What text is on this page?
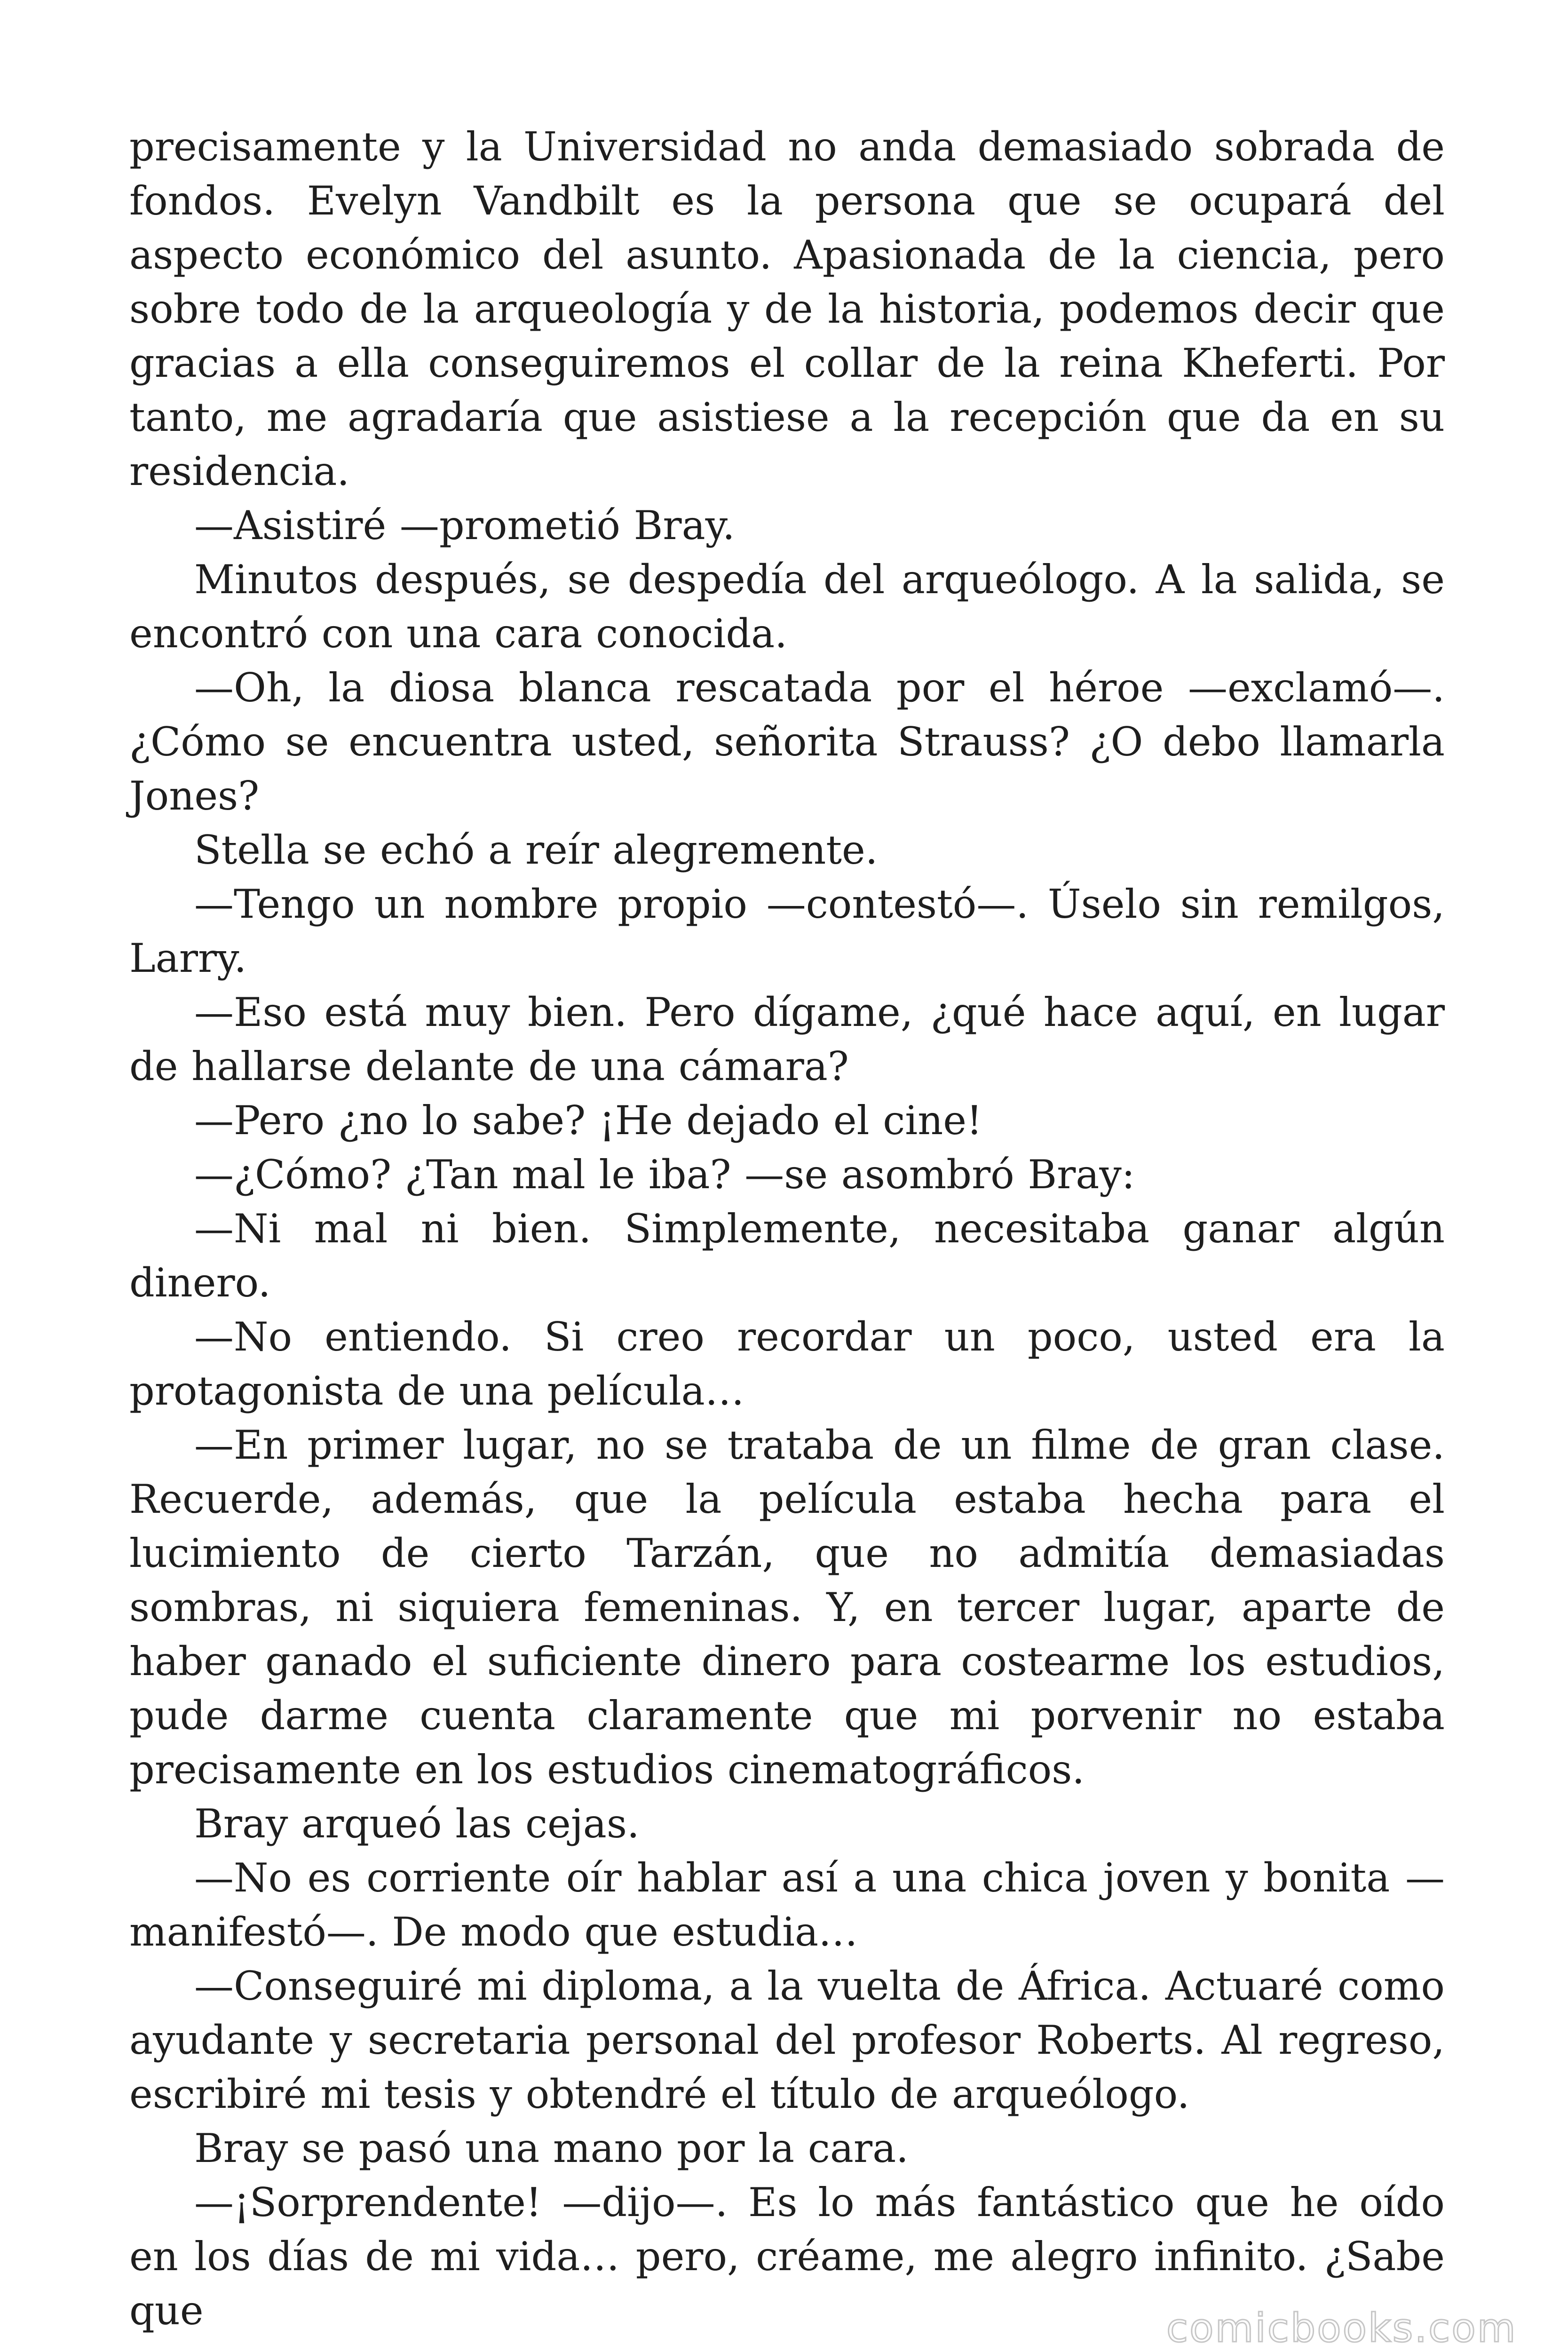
precisamente y la Universidad no anda demasiado sobrada de fondos. Evelyn Vandbilt es la persona que se ocupará del aspecto económico del asunto. Apasionada de la ciencia, pero sobre todo de la arqueología y de la historia, podemos decir que gracias a ella conseguiremos el collar de la reina Kheferti. Por tanto, me agradaría que asistiese a la recepción que da en su residencia.

—Asistiré —prometió Bray.

Minutos después, se despedía del arqueólogo. A la salida, se encontró con una cara conocida.

—Oh, la diosa blanca rescatada por el héroe —exclamó—. ¿Cómo se encuentra usted, señorita Strauss? ¿O debo llamarla Jones?

Stella se echó a reír alegremente.

—Tengo un nombre propio —contestó—. Úselo sin remilgos, Larry.

—Eso está muy bien. Pero dígame, ¿qué hace aquí, en lugar de hallarse delante de una cámara?

—Pero ¿no lo sabe? ¡He dejado el cine!

—¿Cómo? ¿Tan mal le iba? —se asombró Bray:

—Ni mal ni bien. Simplemente, necesitaba ganar algún dinero.

—No entiendo. Si creo recordar un poco, usted era la protagonista de una película…

—En primer lugar, no se trataba de un filme de gran clase. Recuerde, además, que la película estaba hecha para el lucimiento de cierto Tarzán, que no admitía demasiadas sombras, ni siquiera femeninas. Y, en tercer lugar, aparte de haber ganado el suficiente dinero para costearme los estudios, pude darme cuenta claramente que mi porvenir no estaba precisamente en los estudios cinematográficos.

Bray arqueó las cejas.

—No es corriente oír hablar así a una chica joven y bonita —manifestó—. De modo que estudia…

—Conseguiré mi diploma, a la vuelta de África. Actuaré como ayudante y secretaria personal del profesor Roberts. Al regreso, escribiré mi tesis y obtendré el título de arqueólogo.

Bray se pasó una mano por la cara.

—¡Sorprendente! —dijo—. Es lo más fantástico que he oído en los días de mi vida… pero, créame, me alegro infinito. ¿Sabe que	comicbooks.com
